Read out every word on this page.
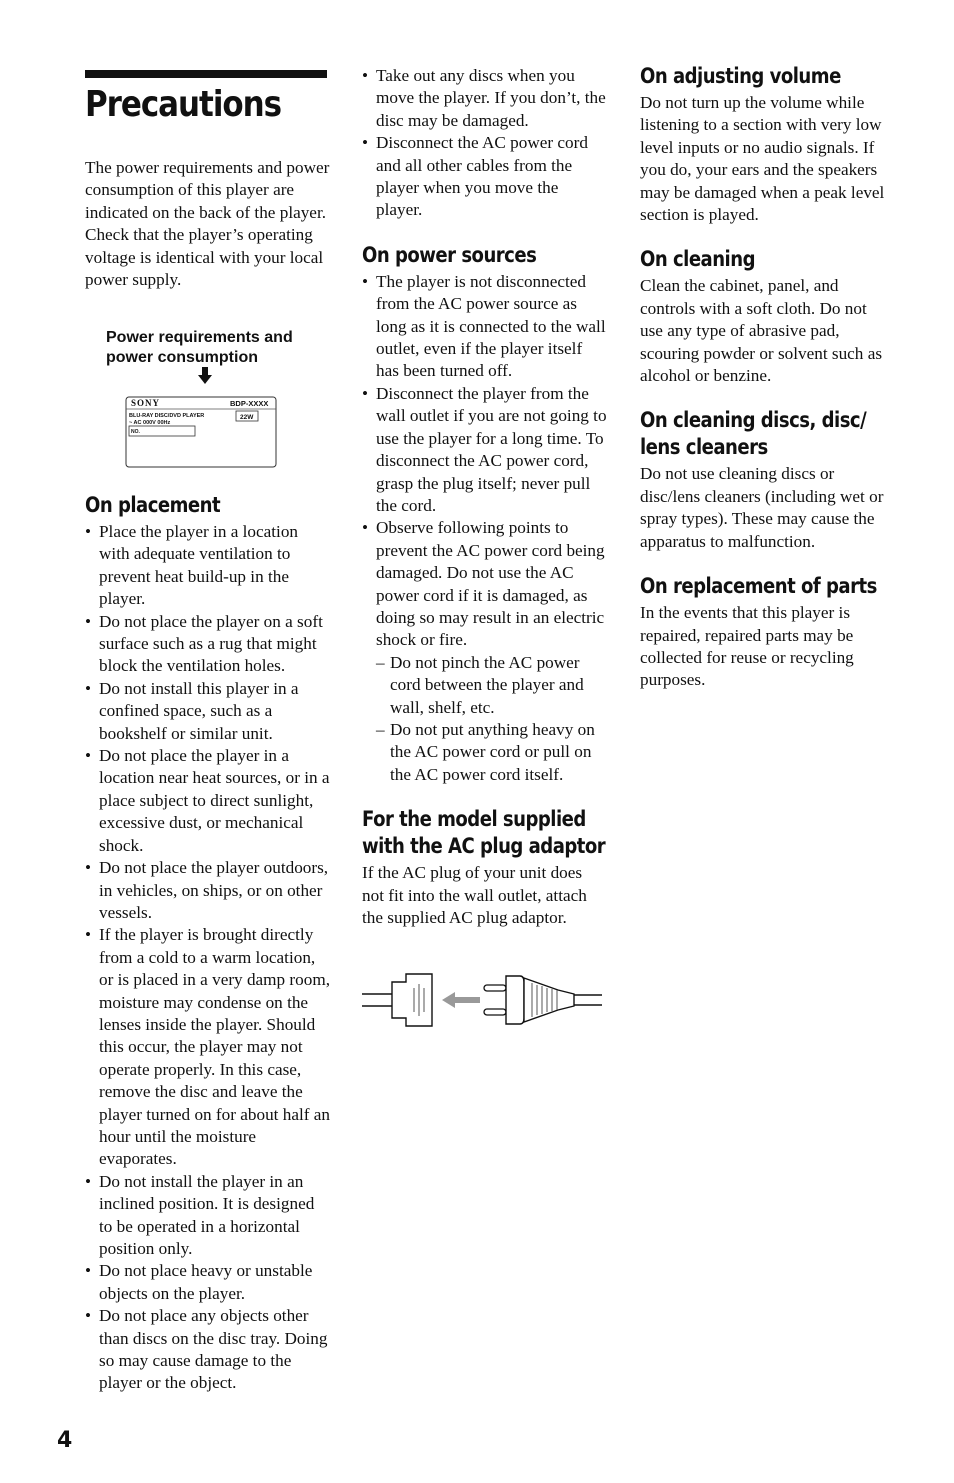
Precautions

The power requirements and power consumption of this player are indicated on the back of the player. Check that the player’s operating voltage is identical with your local power supply.

Power requirements and
power consumption
SONY	BDP-XXXX
BLU-RAY DISC/DVD PLAYER
~ AC 000V 00Hz
22W
NO.
On placement
• Place the player in a location with adequate ventilation to prevent heat build-up in the player.
• Do not place the player on a soft surface such as a rug that might block the ventilation holes.
• Do not install this player in a confined space, such as a bookshelf or similar unit.
• Do not place the player in a location near heat sources, or in a place subject to direct sunlight, excessive dust, or mechanical shock.
• Do not place the player outdoors, in vehicles, on ships, or on other vessels.
• If the player is brought directly from a cold to a warm location, or is placed in a very damp room, moisture may condense on the lenses inside the player. Should this occur, the player may not operate properly. In this case, remove the disc and leave the player turned on for about half an hour until the moisture evaporates.
• Do not install the player in an inclined position. It is designed to be operated in a horizontal position only.
• Do not place heavy or unstable objects on the player.
• Do not place any objects other than discs on the disc tray. Doing so may cause damage to the player or the object.
4
• Take out any discs when you move the player. If you don’t, the disc may be damaged.
• Disconnect the AC power cord and all other cables from the player when you move the player.
On power sources
• The player is not disconnected from the AC power source as long as it is connected to the wall outlet, even if the player itself has been turned off.
• Disconnect the player from the wall outlet if you are not going to use the player for a long time. To disconnect the AC power cord, grasp the plug itself; never pull the cord.
• Observe following points to prevent the AC power cord being damaged. Do not use the AC power cord if it is damaged, as doing so may result in an electric shock or fire.
– Do not pinch the AC power cord between the player and wall, shelf, etc.
– Do not put anything heavy on the AC power cord or pull on the AC power cord itself.
For the model supplied
with the AC plug adaptor

If the AC plug of your unit does not fit into the wall outlet, attach the supplied AC plug adaptor.

On adjusting volume

Do not turn up the volume while listening to a section with very low level inputs or no audio signals. If you do, your ears and the speakers may be damaged when a peak level section is played.

On cleaning

Clean the cabinet, panel, and controls with a soft cloth. Do not use any type of abrasive pad, scouring powder or solvent such as alcohol or benzine.

On cleaning discs, disc/
lens cleaners

Do not use cleaning discs or disc/lens cleaners (including wet or spray types). These may cause the apparatus to malfunction.

On replacement of parts

In the events that this player is repaired, repaired parts may be collected for reuse or recycling purposes.
